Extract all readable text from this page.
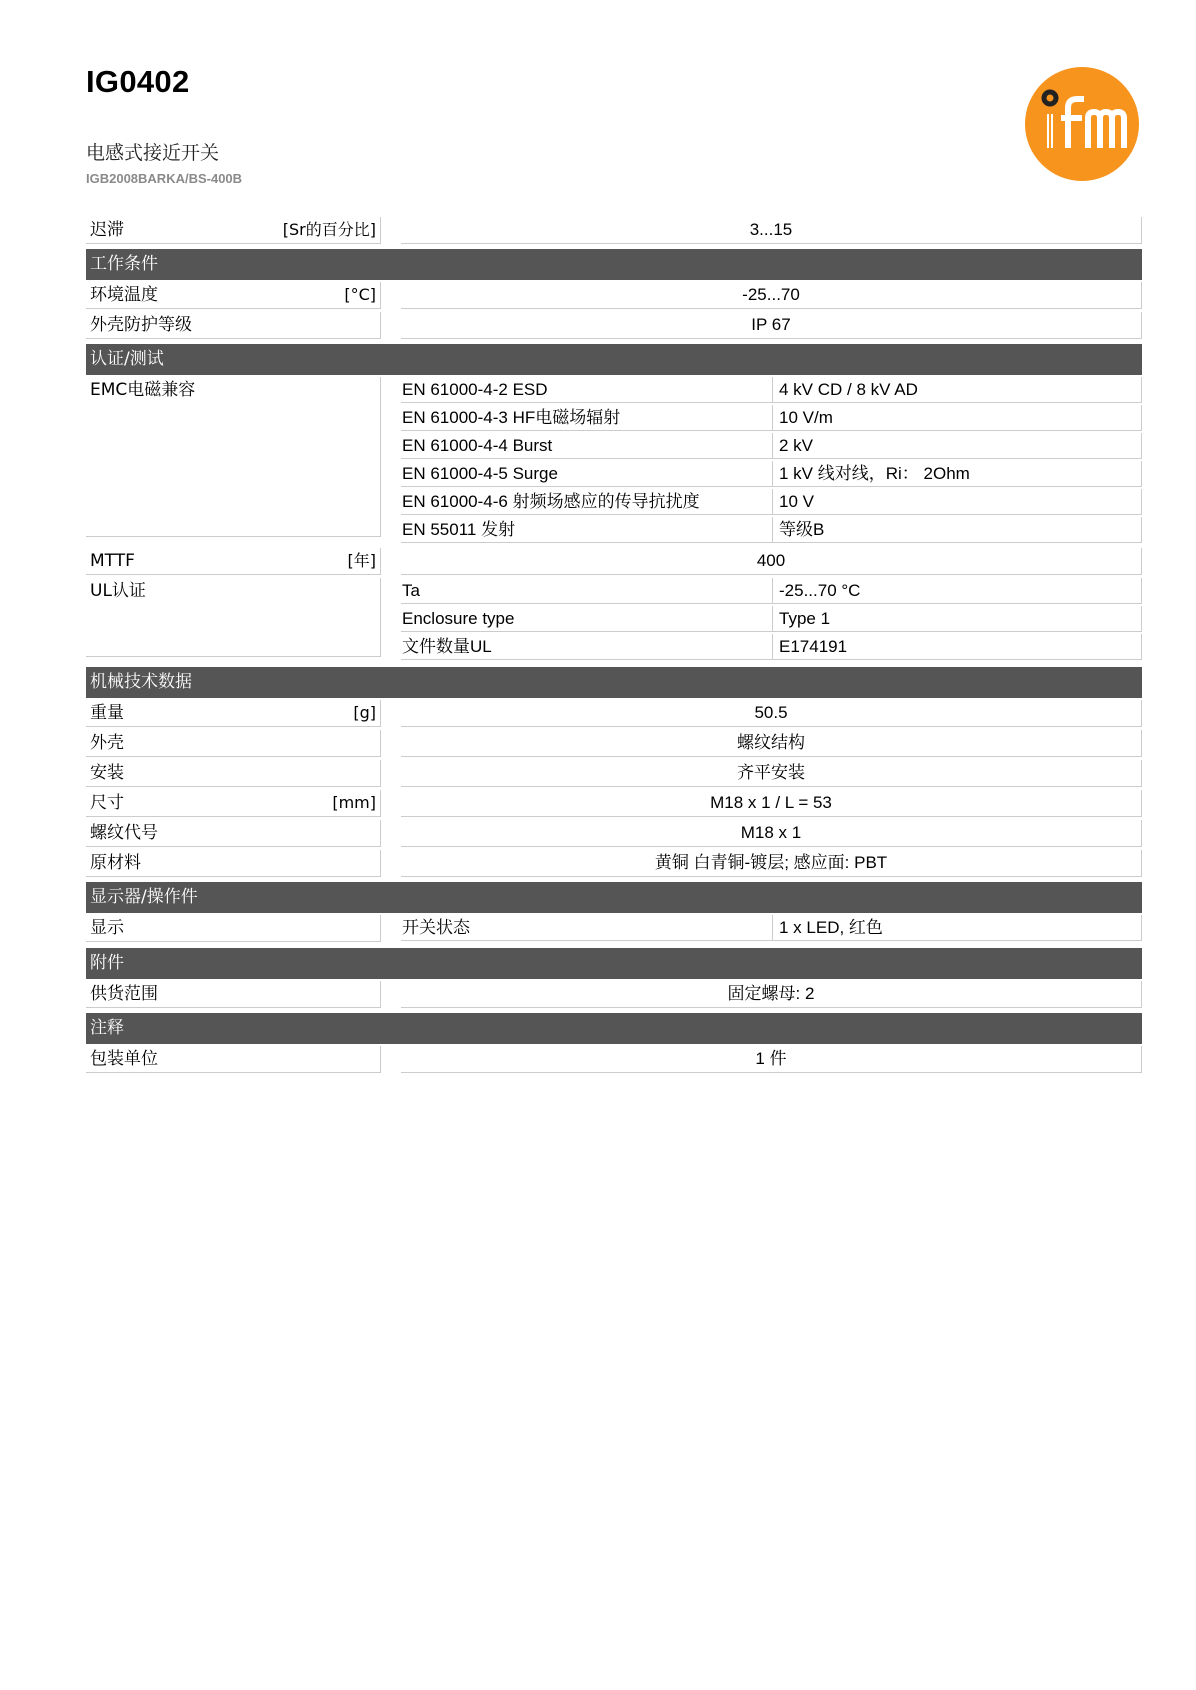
IG0402
电感式接近开关
IGB2008BARKA/BS-400B
迟滞	[Sr的百分比]	3...15
工作条件
环境温度	[°C]	-25...70
外壳防护等级	IP 67
认证/测试
EMC电磁兼容	EN 61000-4-2 ESD	4 kV CD / 8 kV AD
EN 61000-4-3 HF电磁场辐射	10 V/m
EN 61000-4-4 Burst	2 kV
EN 61000-4-5 Surge	1 kV 线对线，Ri： 2Ohm
EN 61000-4-6 射频场感应的传导抗扰度	10 V
EN 55011 发射	等级B
MTTF	[年]	400
UL认证	Ta	-25...70 °C
Enclosure type	Type 1
文件数量UL	E174191
机械技术数据
重量	[g]	50.5
外壳	螺纹结构
安装	齐平安装
尺寸	[mm]	M18 x 1 / L = 53
螺纹代号	M18 x 1
原材料	黄铜 白青铜-镀层; 感应面: PBT
显示器/操作件
显示	开关状态	1 x LED, 红色
附件
供货范围	固定螺母: 2
注释
包装单位	1 件
